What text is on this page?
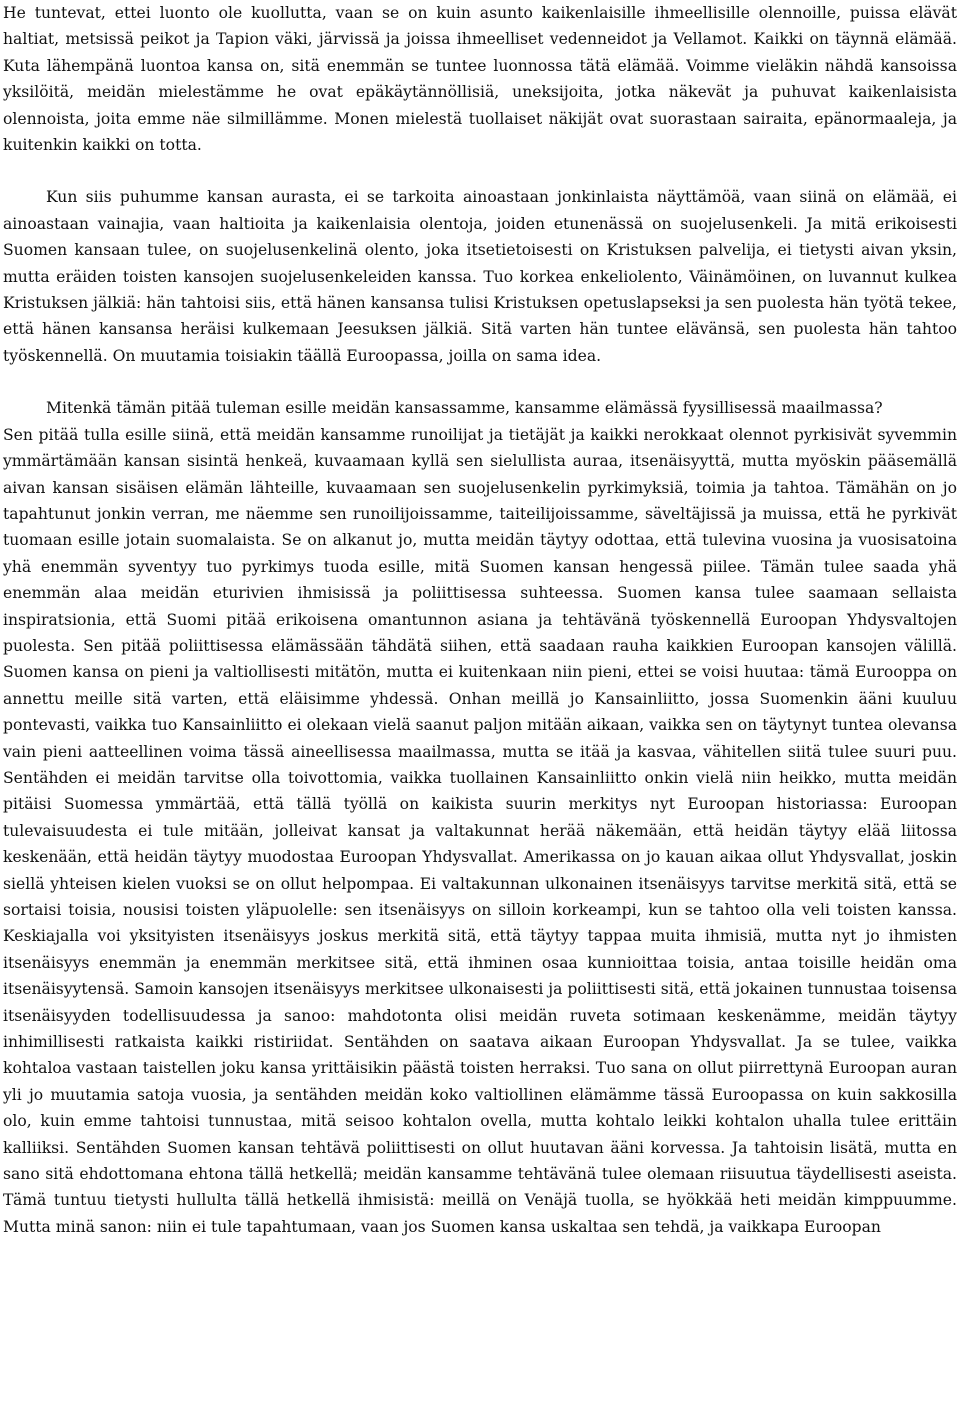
He tuntevat, ettei luonto ole kuollutta, vaan se on kuin asunto kaikenlaisille ihmeellisille olennoille, puissa elävät haltiat, metsissä peikot ja Tapion väki, järvissä ja joissa ihmeelliset vedenneidot ja Vellamot. Kaikki on täynnä elämää. Kuta lähempänä luontoa kansa on, sitä enemmän se tuntee luonnossa tätä elämää. Voimme vieläkin nähdä kansoissa yksilöitä, meidän mielestämme he ovat epäkäytännöllisiä, uneksijoita, jotka näkevät ja puhuvat kaikenlaisista olennoista, joita emme näe silmillämme. Monen mielestä tuollaiset näkijät ovat suorastaan sairaita, epänormaaleja, ja kuitenkin kaikki on totta.

Kun siis puhumme kansan aurasta, ei se tarkoita ainoastaan jonkinlaista näyttämöä, vaan siinä on elämää, ei ainoastaan vainajia, vaan haltioita ja kaikenlaisia olentoja, joiden etunenässä on suojelusenkeli. Ja mitä erikoisesti Suomen kansaan tulee, on suojelusenkelinä olento, joka itsetietoisesti on Kristuksen palvelija, ei tietysti aivan yksin, mutta eräiden toisten kansojen suojelusenkeleiden kanssa. Tuo korkea enkeliolento, Väinämöinen, on luvannut kulkea Kristuksen jälkiä: hän tahtoisi siis, että hänen kansansa tulisi Kristuksen opetuslapseksi ja sen puolesta hän työtä tekee, että hänen kansansa heräisi kulkemaan Jeesuksen jälkiä. Sitä varten hän tuntee elävänsä, sen puolesta hän tahtoo työskennellä. On muutamia toisiakin täällä Euroopassa, joilla on sama idea.

Mitenkä tämän pitää tuleman esille meidän kansassamme, kansamme elämässä fyysillisessä maailmassa?
Sen pitää tulla esille siinä, että meidän kansamme runoilijat ja tietäjät ja kaikki nerokkaat olennot pyrkisivät syvemmin ymmärtämään kansan sisintä henkeä, kuvaamaan kyllä sen sielullista auraa, itsenäisyyttä, mutta myöskin pääsemällä aivan kansan sisäisen elämän lähteille, kuvaamaan sen suojelusenkelin pyrkimyksiä, toimia ja tahtoa. Tämähän on jo tapahtunut jonkin verran, me näemme sen runoilijoissamme, taiteilijoissamme, säveltäjissä ja muissa, että he pyrkivät tuomaan esille jotain suomalaista. Se on alkanut jo, mutta meidän täytyy odottaa, että tulevina vuosina ja vuosisatoina yhä enemmän syventyy tuo pyrkimys tuoda esille, mitä Suomen kansan hengessä piilee. Tämän tulee saada yhä enemmän alaa meidän eturivien ihmisissä ja poliittisessa suhteessa. Suomen kansa tulee saamaan sellaista inspiratsionia, että Suomi pitää erikoisena omantunnon asiana ja tehtävänä työskennellä Euroopan Yhdysvaltojen puolesta. Sen pitää poliittisessa elämässään tähdätä siihen, että saadaan rauha kaikkien Euroopan kansojen välillä. Suomen kansa on pieni ja valtiollisesti mitätön, mutta ei kuitenkaan niin pieni, ettei se voisi huutaa: tämä Eurooppa on annettu meille sitä varten, että eläisimme yhdessä. Onhan meillä jo Kansainliitto, jossa Suomenkin ääni kuuluu pontevasti, vaikka tuo Kansainliitto ei olekaan vielä saanut paljon mitään aikaan, vaikka sen on täytynyt tuntea olevansa vain pieni aatteellinen voima tässä aineellisessa maailmassa, mutta se itää ja kasvaa, vähitellen siitä tulee suuri puu. Sentähden ei meidän tarvitse olla toivottomia, vaikka tuollainen Kansainliitto onkin vielä niin heikko, mutta meidän pitäisi Suomessa ymmärtää, että tällä työllä on kaikista suurin merkitys nyt Euroopan historiassa: Euroopan tulevaisuudesta ei tule mitään, jolleivat kansat ja valtakunnat herää näkemään, että heidän täytyy elää liitossa keskenään, että heidän täytyy muodostaa Euroopan Yhdysvallat. Amerikassa on jo kauan aikaa ollut Yhdysvallat, joskin siellä yhteisen kielen vuoksi se on ollut helpompaa. Ei valtakunnan ulkonainen itsenäisyys tarvitse merkitä sitä, että se sortaisi toisia, nousisi toisten yläpuolelle: sen itsenäisyys on silloin korkeampi, kun se tahtoo olla veli toisten kanssa. Keskiajalla voi yksityisten itsenäisyys joskus merkitä sitä, että täytyy tappaa muita ihmisiä, mutta nyt jo ihmisten itsenäisyys enemmän ja enemmän merkitsee sitä, että ihminen osaa kunnioittaa toisia, antaa toisille heidän oma itsenäisyytensä. Samoin kansojen itsenäisyys merkitsee ulkonaisesti ja poliittisesti sitä, että jokainen tunnustaa toisensa itsenäisyyden todellisuudessa ja sanoo: mahdotonta olisi meidän ruveta sotimaan keskenämme, meidän täytyy inhimillisesti ratkaista kaikki ristiriidat. Sentähden on saatava aikaan Euroopan Yhdysvallat. Ja se tulee, vaikka kohtaloa vastaan taistellen joku kansa yrittäisikin päästä toisten herraksi. Tuo sana on ollut piirrettynä Euroopan auran yli jo muutamia satoja vuosia, ja sentähden meidän koko valtiollinen elämämme tässä Euroopassa on kuin sakkosilla olo, kuin emme tahtoisi tunnustaa, mitä seisoo kohtalon ovella, mutta kohtalo leikki kohtalon uhalla tulee erittäin kalliiksi. Sentähden Suomen kansan tehtävä poliittisesti on ollut huutavan ääni korvessa. Ja tahtoisin lisätä, mutta en sano sitä ehdottomana ehtona tällä hetkellä; meidän kansamme tehtävänä tulee olemaan riisuutua täydellisesti aseista. Tämä tuntuu tietysti hullulta tällä hetkellä ihmisistä: meillä on Venäjä tuolla, se hyökkää heti meidän kimppuumme. Mutta minä sanon: niin ei tule tapahtumaan, vaan jos Suomen kansa uskaltaa sen tehdä, ja vaikkapa Euroopan
